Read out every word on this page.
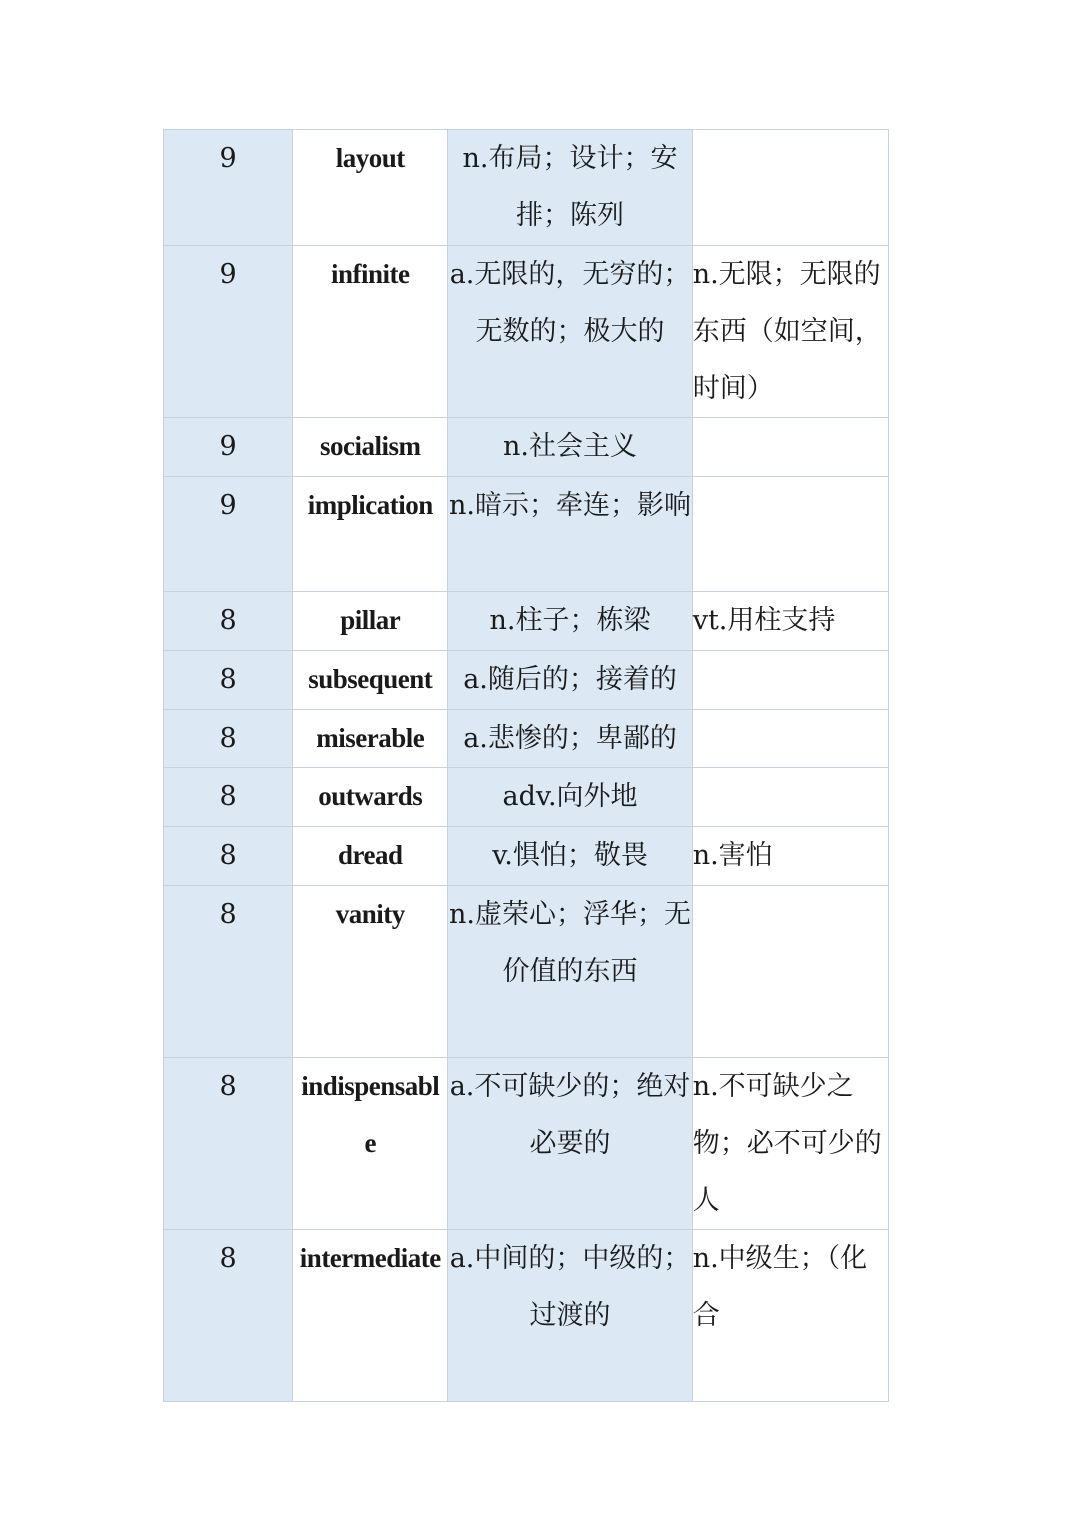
9	layout	n.布局；设计；安排；陈列	

9	infinite	a.无限的，无穷的；无数的；极大的	n.无限；无限的东西（如空间，时间）

9	socialism	n.社会主义	

9	implication	n.暗示；牵连；影响	

8	pillar	n.柱子；栋梁	vt.用柱支持

8	subsequent	a.随后的；接着的	

8	miserable	a.悲惨的；卑鄙的	

8	outwards	adv.向外地	

8	dread	v.惧怕；敬畏	n.害怕

8	vanity	n.虚荣心；浮华；无价值的东西	

8	indispensable	a.不可缺少的；绝对必要的	n.不可缺少之物；必不可少的人

8	intermediate	a.中间的；中级的；过渡的	n.中级生；（化合
